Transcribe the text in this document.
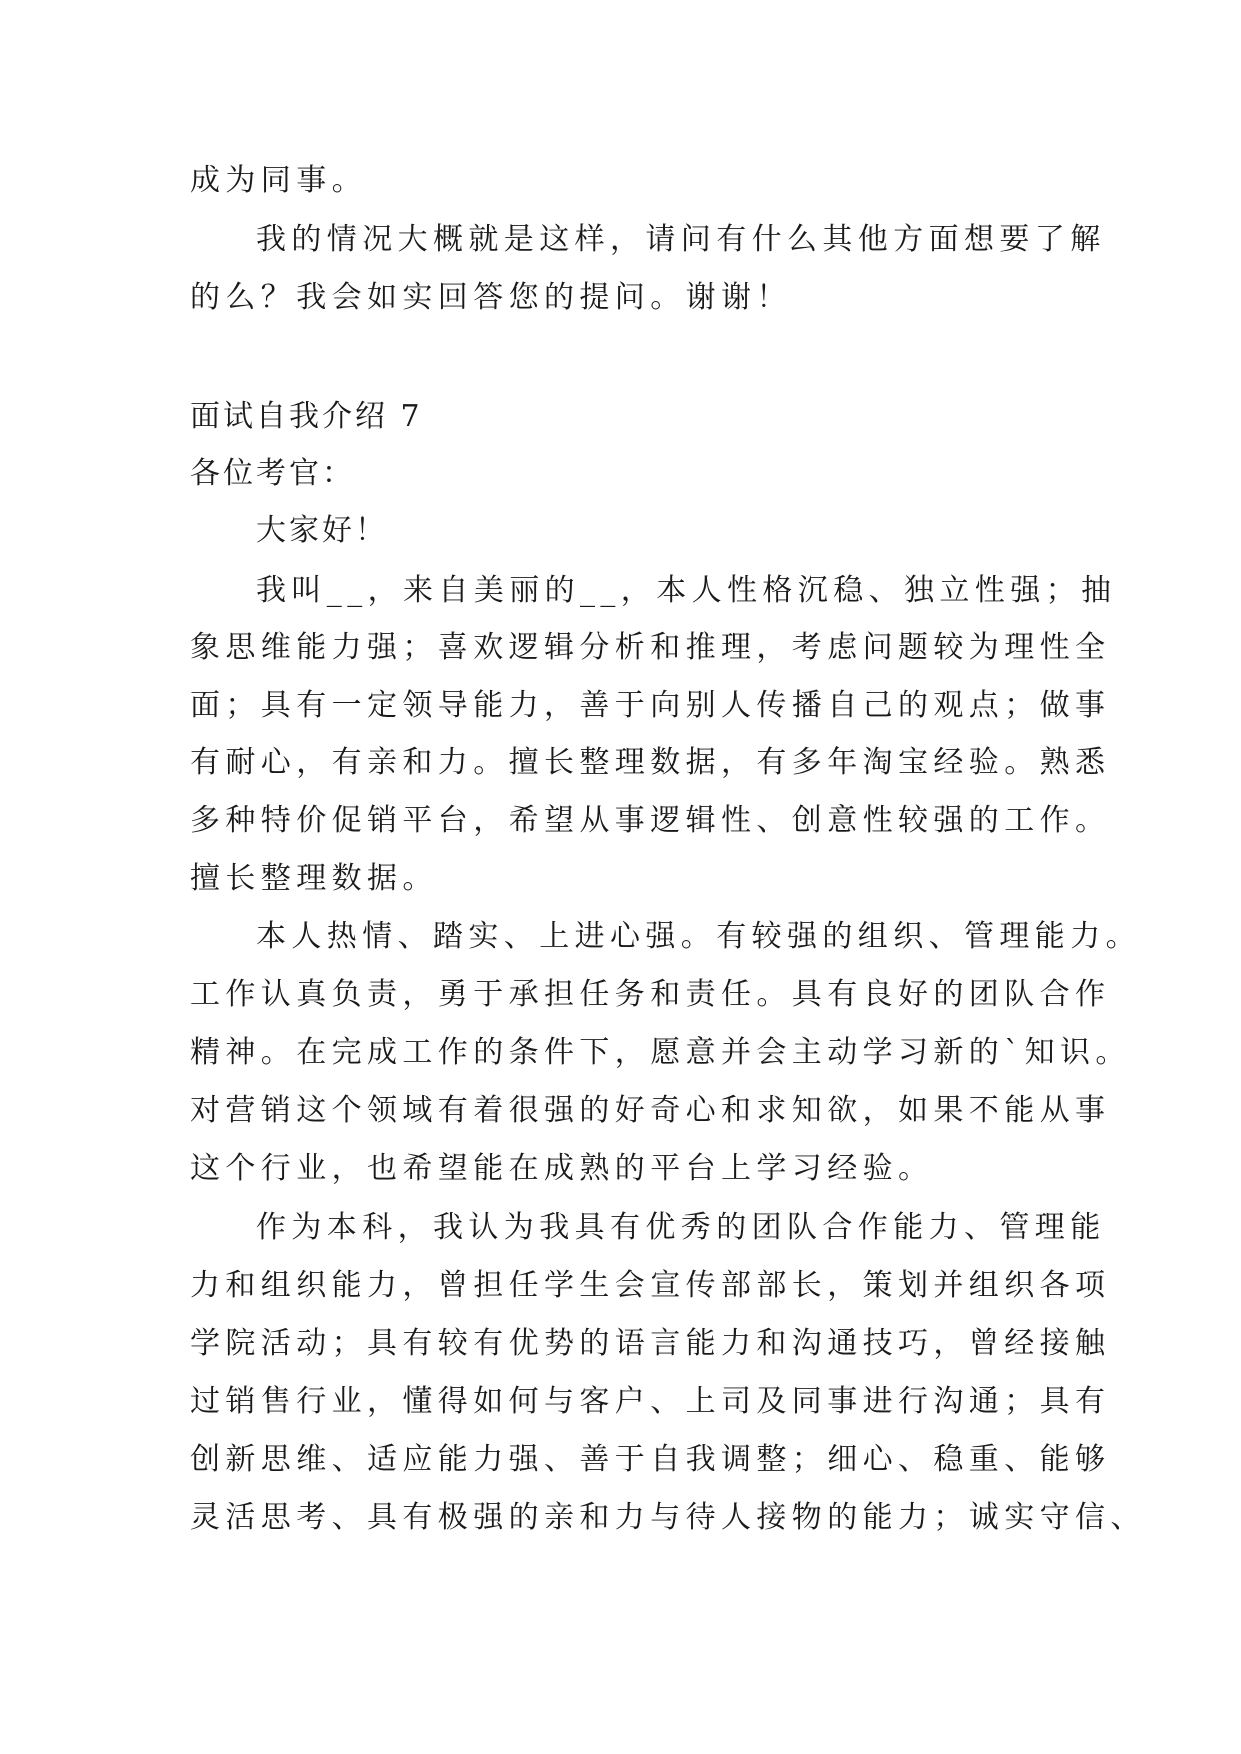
成为同事。
我的情况大概就是这样，请问有什么其他方面想要了解
的么？我会如实回答您的提问。谢谢！
面试自我介绍 7
各位考官：
大家好！
我叫__，来自美丽的__，本人性格沉稳、独立性强；抽
象思维能力强；喜欢逻辑分析和推理，考虑问题较为理性全
面；具有一定领导能力，善于向别人传播自己的观点；做事
有耐心，有亲和力。擅长整理数据，有多年淘宝经验。熟悉
多种特价促销平台，希望从事逻辑性、创意性较强的工作。
擅长整理数据。
本人热情、踏实、上进心强。有较强的组织、管理能力。
工作认真负责，勇于承担任务和责任。具有良好的团队合作
精神。在完成工作的条件下，愿意并会主动学习新的`知识。
对营销这个领域有着很强的好奇心和求知欲，如果不能从事
这个行业，也希望能在成熟的平台上学习经验。
作为本科，我认为我具有优秀的团队合作能力、管理能
力和组织能力，曾担任学生会宣传部部长，策划并组织各项
学院活动；具有较有优势的语言能力和沟通技巧，曾经接触
过销售行业，懂得如何与客户、上司及同事进行沟通；具有
创新思维、适应能力强、善于自我调整；细心、稳重、能够
灵活思考、具有极强的亲和力与待人接物的能力；诚实守信、
